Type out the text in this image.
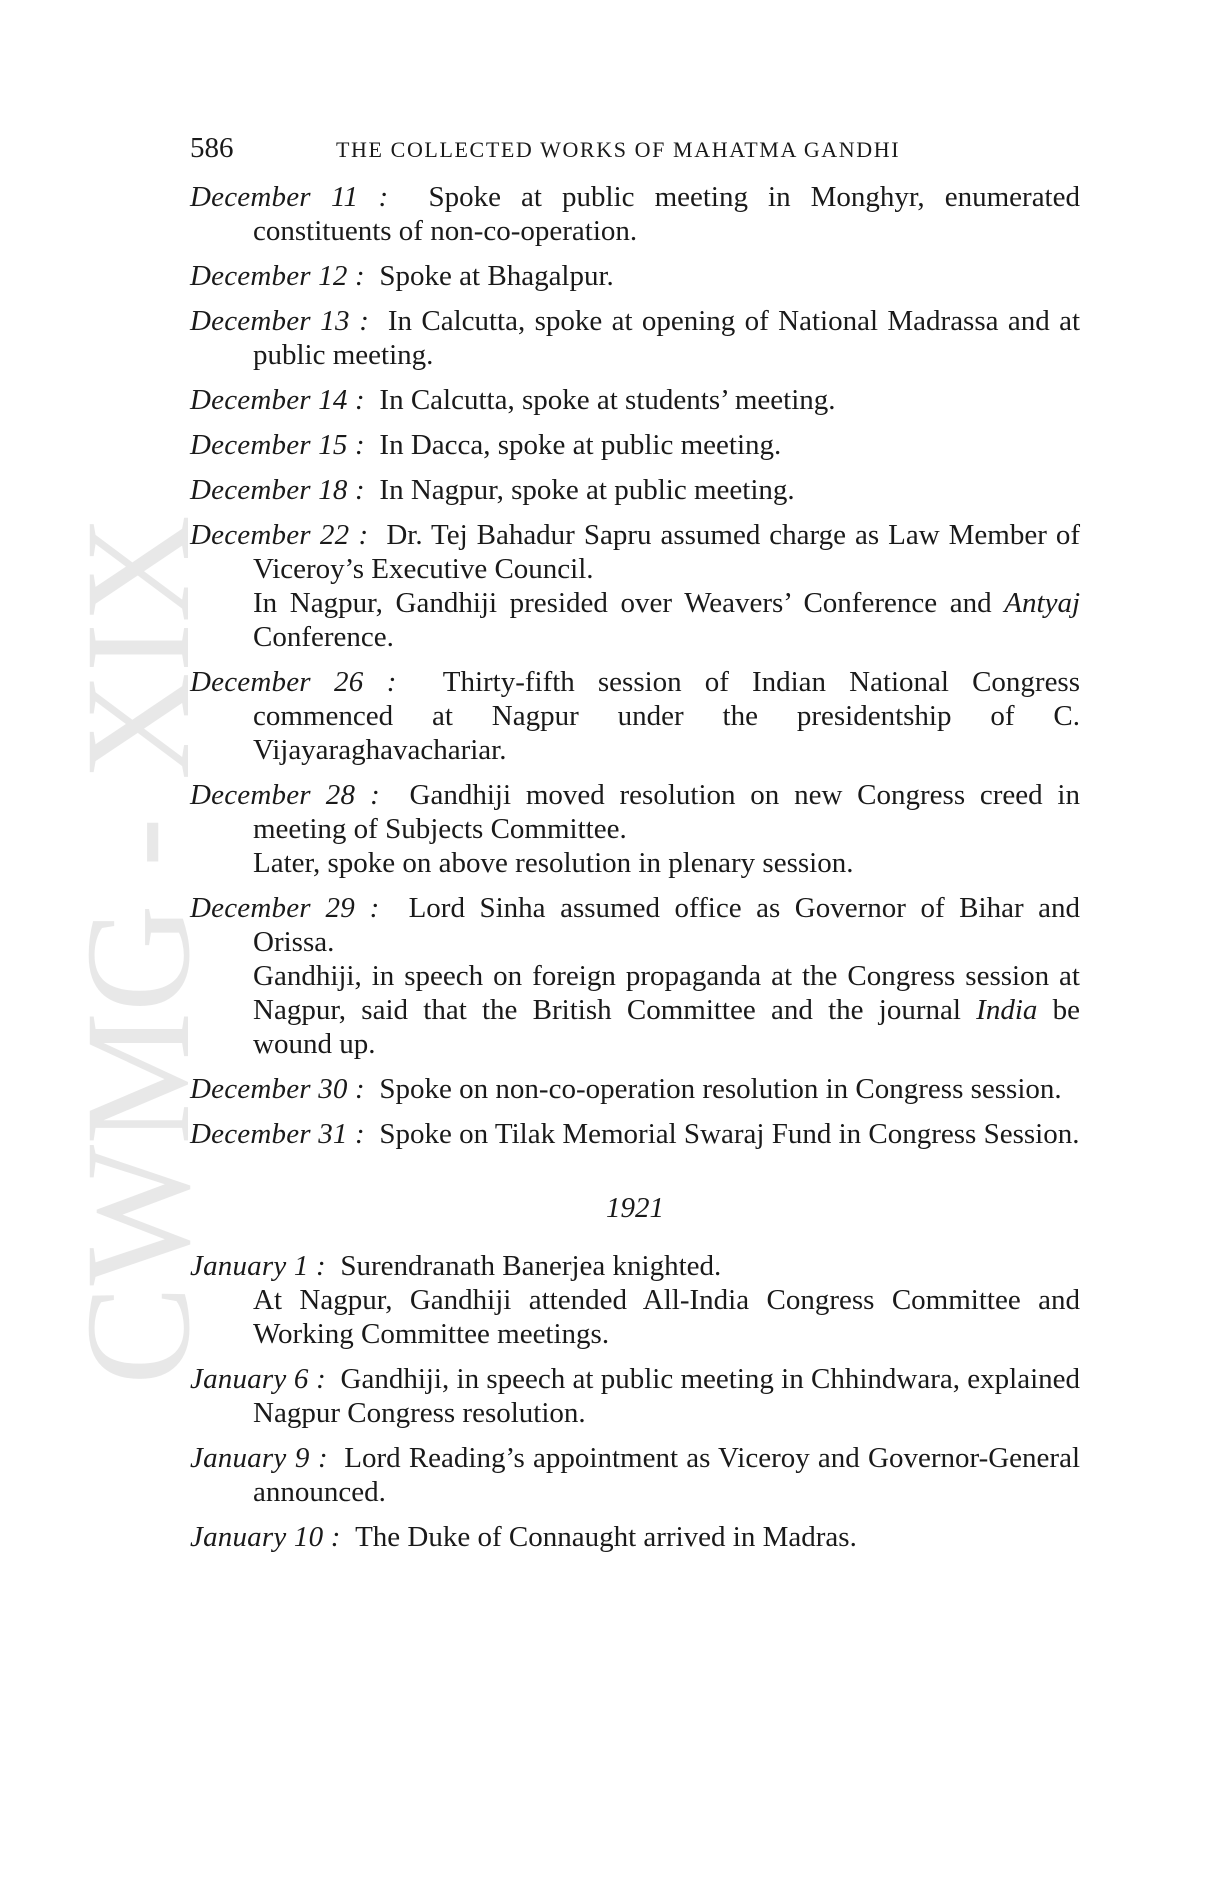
CWMG - XIX
586	THE COLLECTED WORKS OF MAHATMA GANDHI

December 11 : Spoke at public meeting in Monghyr, enumerated constituents of non-co-operation.

December 12 : Spoke at Bhagalpur.

December 13 : In Calcutta, spoke at opening of National Madrassa and at public meeting.

December 14 : In Calcutta, spoke at students’ meeting.

December 15 : In Dacca, spoke at public meeting.

December 18 : In Nagpur, spoke at public meeting.

December 22 : Dr. Tej Bahadur Sapru assumed charge as Law Member of Viceroy’s Executive Council.

In Nagpur, Gandhiji presided over Weavers’ Conference and Antyaj Conference.

December 26 : Thirty-fifth session of Indian National Congress commenced at Nagpur under the presidentship of C. Vijayaraghavachariar.

December 28 : Gandhiji moved resolution on new Congress creed in meeting of Subjects Committee.

Later, spoke on above resolution in plenary session.

December 29 : Lord Sinha assumed office as Governor of Bihar and Orissa.

Gandhiji, in speech on foreign propaganda at the Congress session at Nagpur, said that the British Committee and the journal India be wound up.

December 30 : Spoke on non-co-operation resolution in Congress session.

December 31 : Spoke on Tilak Memorial Swaraj Fund in Congress Session.

1921

January 1 : Surendranath Banerjea knighted.

At Nagpur, Gandhiji attended All-India Congress Committee and Working Committee meetings.

January 6 : Gandhiji, in speech at public meeting in Chhindwara, explained Nagpur Congress resolution.

January 9 : Lord Reading’s appointment as Viceroy and Governor-General announced.

January 10 : The Duke of Connaught arrived in Madras.
